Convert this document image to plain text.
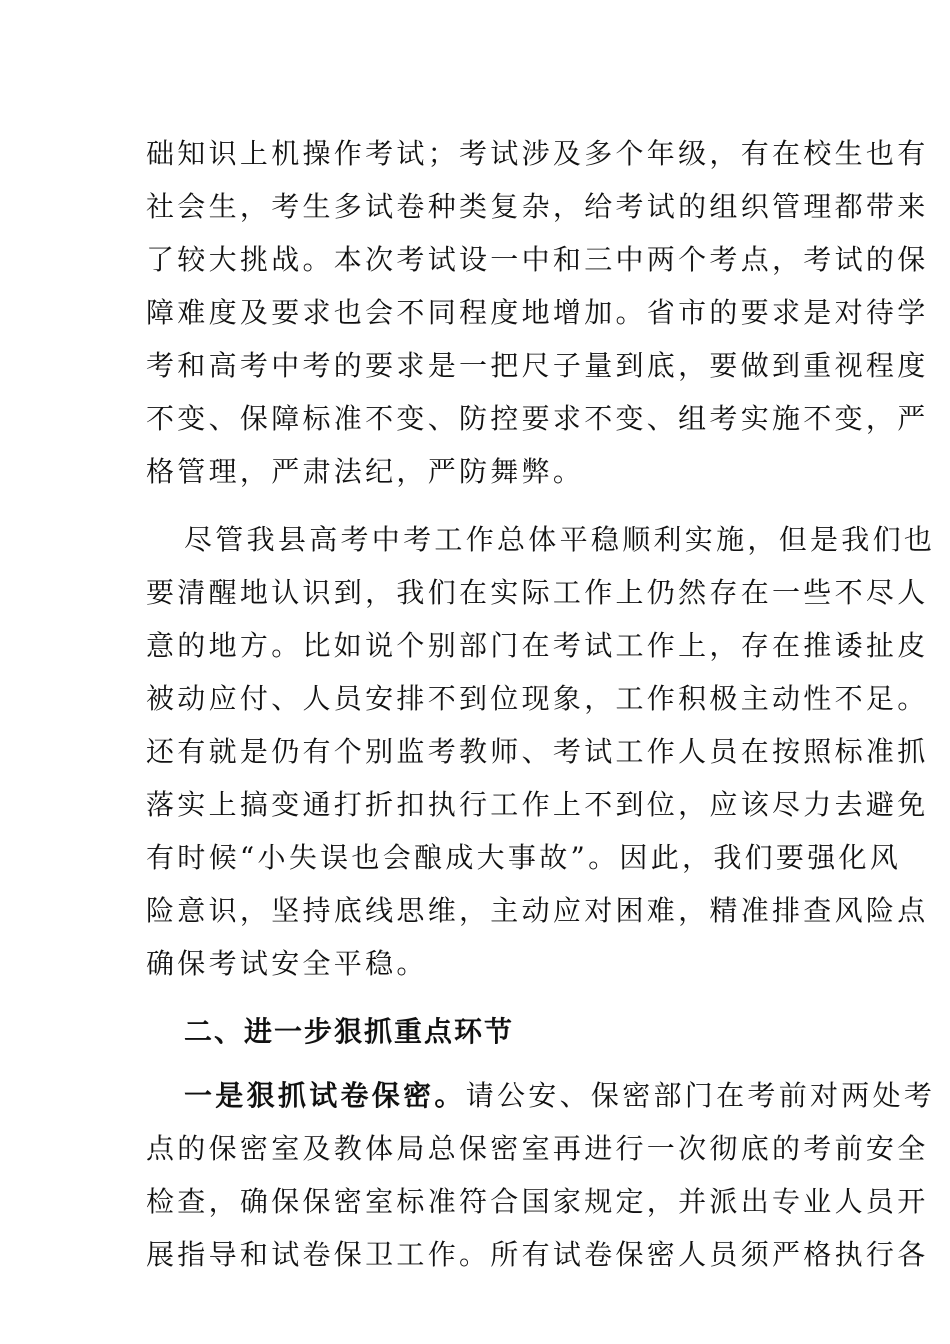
础知识上机操作考试；考试涉及多个年级，有在校生也有
社会生，考生多试卷种类复杂，给考试的组织管理都带来
了较大挑战。本次考试设一中和三中两个考点，考试的保
障难度及要求也会不同程度地增加。省市的要求是对待学
考和高考中考的要求是一把尺子量到底，要做到重视程度
不变、保障标准不变、防控要求不变、组考实施不变，严
格管理，严肃法纪，严防舞弊。
尽管我县高考中考工作总体平稳顺利实施，但是我们也
要清醒地认识到，我们在实际工作上仍然存在一些不尽人
意的地方。比如说个别部门在考试工作上，存在推诿扯皮
被动应付、人员安排不到位现象，工作积极主动性不足。
还有就是仍有个别监考教师、考试工作人员在按照标准抓
落实上搞变通打折扣执行工作上不到位，应该尽力去避免
有时候“小失误也会酿成大事故”。因此，我们要强化风
险意识，坚持底线思维，主动应对困难，精准排查风险点
确保考试安全平稳。
二、进一步狠抓重点环节
一是狠抓试卷保密。请公安、保密部门在考前对两处考
点的保密室及教体局总保密室再进行一次彻底的考前安全
检查，确保保密室标准符合国家规定，并派出专业人员开
展指导和试卷保卫工作。所有试卷保密人员须严格执行各
